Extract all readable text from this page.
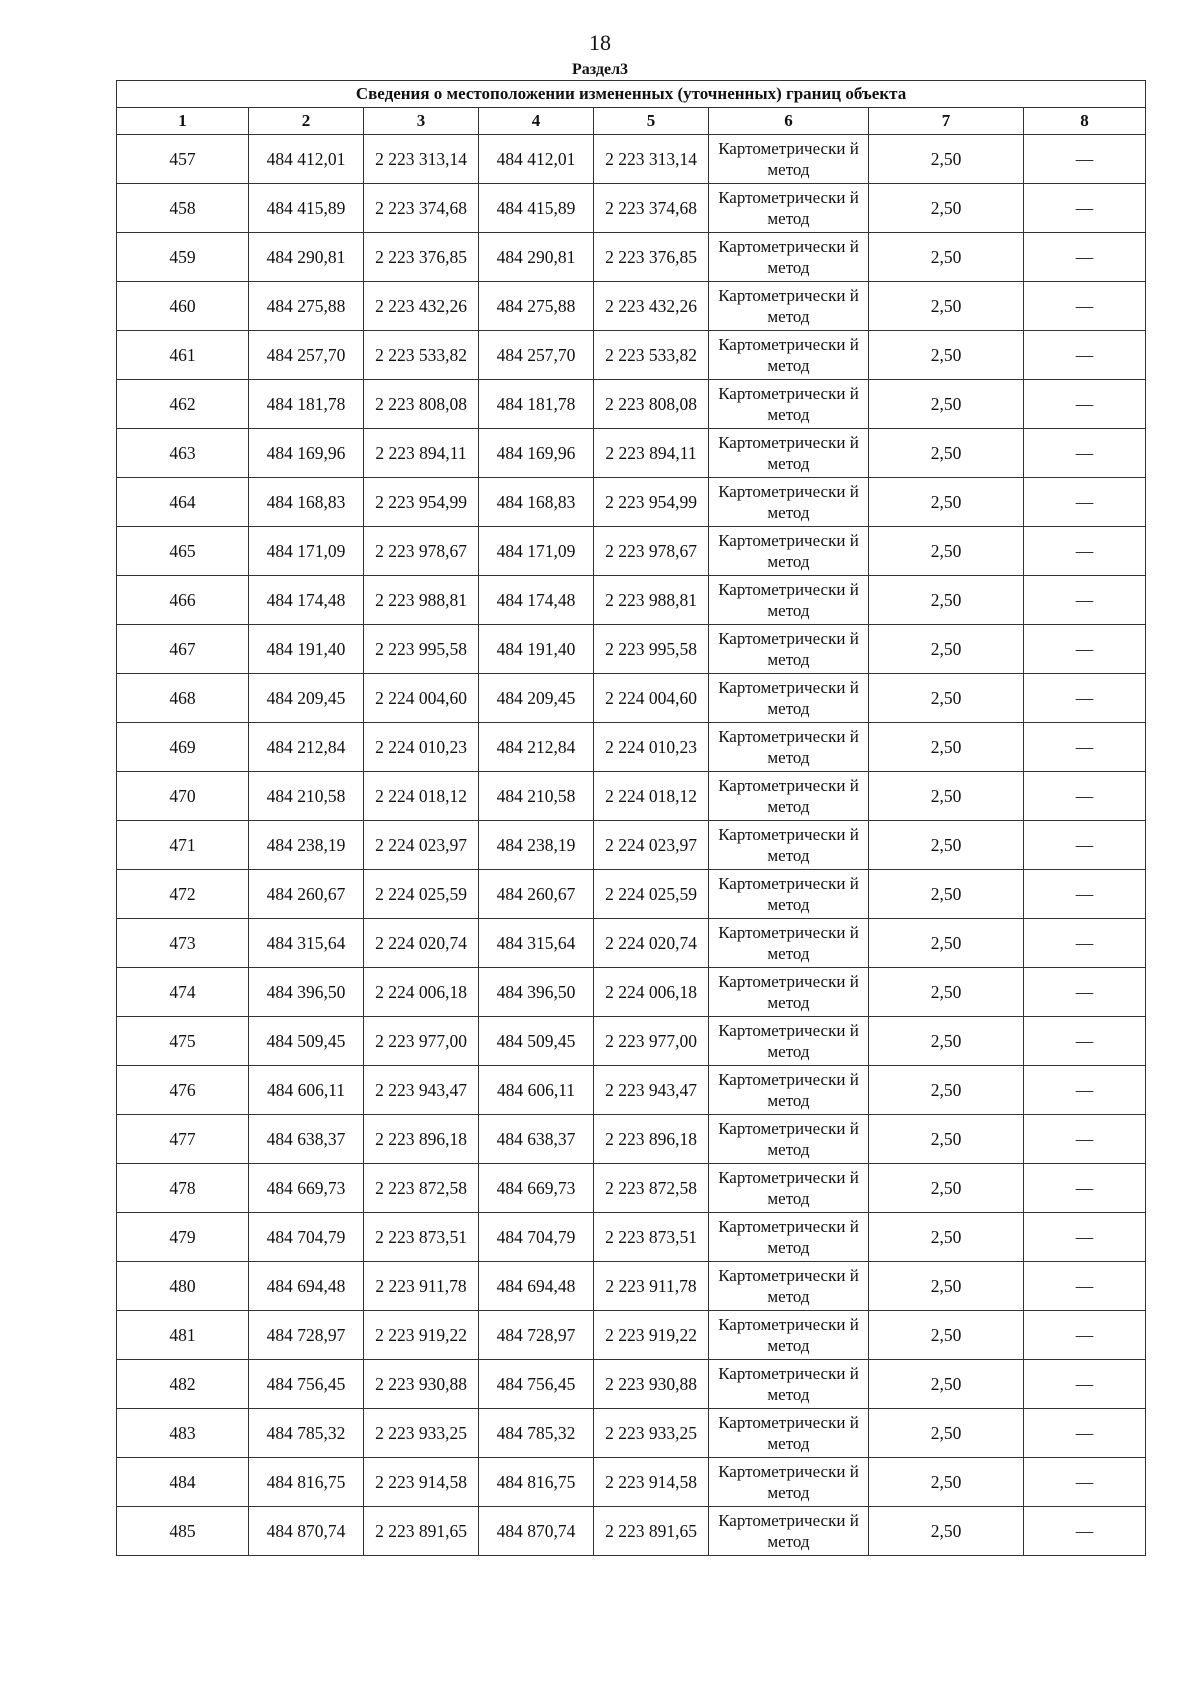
18
Раздел3
Сведения о местоположении измененных (уточненных) границ объекта							
1	2	3	4	5	6	7	8
457	484 412,01	2 223 313,14	484 412,01	2 223 313,14	Картометрически й метод	2,50	—
458	484 415,89	2 223 374,68	484 415,89	2 223 374,68	Картометрически й метод	2,50	—
459	484 290,81	2 223 376,85	484 290,81	2 223 376,85	Картометрически й метод	2,50	—
460	484 275,88	2 223 432,26	484 275,88	2 223 432,26	Картометрически й метод	2,50	—
461	484 257,70	2 223 533,82	484 257,70	2 223 533,82	Картометрически й метод	2,50	—
462	484 181,78	2 223 808,08	484 181,78	2 223 808,08	Картометрически й метод	2,50	—
463	484 169,96	2 223 894,11	484 169,96	2 223 894,11	Картометрически й метод	2,50	—
464	484 168,83	2 223 954,99	484 168,83	2 223 954,99	Картометрически й метод	2,50	—
465	484 171,09	2 223 978,67	484 171,09	2 223 978,67	Картометрически й метод	2,50	—
466	484 174,48	2 223 988,81	484 174,48	2 223 988,81	Картометрически й метод	2,50	—
467	484 191,40	2 223 995,58	484 191,40	2 223 995,58	Картометрически й метод	2,50	—
468	484 209,45	2 224 004,60	484 209,45	2 224 004,60	Картометрически й метод	2,50	—
469	484 212,84	2 224 010,23	484 212,84	2 224 010,23	Картометрически й метод	2,50	—
470	484 210,58	2 224 018,12	484 210,58	2 224 018,12	Картометрически й метод	2,50	—
471	484 238,19	2 224 023,97	484 238,19	2 224 023,97	Картометрически й метод	2,50	—
472	484 260,67	2 224 025,59	484 260,67	2 224 025,59	Картометрически й метод	2,50	—
473	484 315,64	2 224 020,74	484 315,64	2 224 020,74	Картометрически й метод	2,50	—
474	484 396,50	2 224 006,18	484 396,50	2 224 006,18	Картометрически й метод	2,50	—
475	484 509,45	2 223 977,00	484 509,45	2 223 977,00	Картометрически й метод	2,50	—
476	484 606,11	2 223 943,47	484 606,11	2 223 943,47	Картометрически й метод	2,50	—
477	484 638,37	2 223 896,18	484 638,37	2 223 896,18	Картометрически й метод	2,50	—
478	484 669,73	2 223 872,58	484 669,73	2 223 872,58	Картометрически й метод	2,50	—
479	484 704,79	2 223 873,51	484 704,79	2 223 873,51	Картометрически й метод	2,50	—
480	484 694,48	2 223 911,78	484 694,48	2 223 911,78	Картометрически й метод	2,50	—
481	484 728,97	2 223 919,22	484 728,97	2 223 919,22	Картометрически й метод	2,50	—
482	484 756,45	2 223 930,88	484 756,45	2 223 930,88	Картометрически й метод	2,50	—
483	484 785,32	2 223 933,25	484 785,32	2 223 933,25	Картометрически й метод	2,50	—
484	484 816,75	2 223 914,58	484 816,75	2 223 914,58	Картометрически й метод	2,50	—
485	484 870,74	2 223 891,65	484 870,74	2 223 891,65	Картометрически й метод	2,50	—
